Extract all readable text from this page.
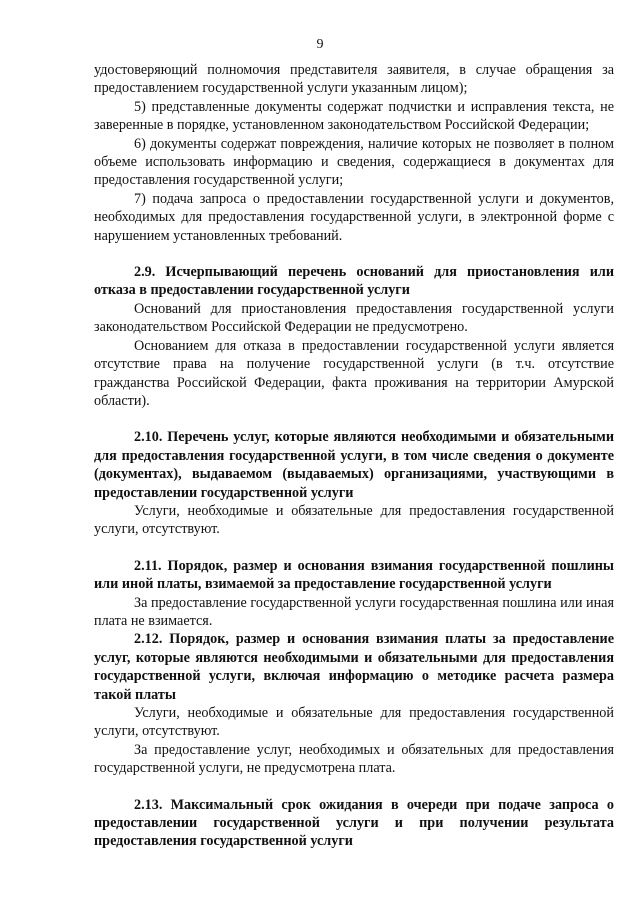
9

удостоверяющий полномочия представителя заявителя, в случае обращения за предоставлением государственной услуги указанным лицом);

5) представленные документы содержат подчистки и исправления текста, не заверенные в порядке, установленном законодательством Российской Федерации;

6) документы содержат повреждения, наличие которых не позволяет в полном объеме использовать информацию и сведения, содержащиеся в документах для предоставления государственной услуги;

7) подача запроса о предоставлении государственной услуги и документов, необходимых для предоставления государственной услуги, в электронной форме с нарушением установленных требований.

2.9. Исчерпывающий перечень оснований для приостановления или отказа в предоставлении государственной услуги

Оснований для приостановления предоставления государственной услуги законодательством Российской Федерации не предусмотрено.

Основанием для отказа в предоставлении государственной услуги является отсутствие права на получение государственной услуги (в т.ч. отсутствие гражданства Российской Федерации, факта проживания на территории Амурской области).

2.10. Перечень услуг, которые являются необходимыми и обязательными для предоставления государственной услуги, в том числе сведения о документе (документах), выдаваемом (выдаваемых) организациями, участвующими в предоставлении государственной услуги

Услуги, необходимые и обязательные для предоставления государственной услуги, отсутствуют.

2.11. Порядок, размер и основания взимания государственной пошлины или иной платы, взимаемой за предоставление государственной услуги

За предоставление государственной услуги государственная пошлина или иная плата не взимается.

2.12. Порядок, размер и основания взимания платы за предоставление услуг, которые являются необходимыми и обязательными для предоставления государственной услуги, включая информацию о методике расчета размера такой платы

Услуги, необходимые и обязательные для предоставления государственной услуги, отсутствуют.

За предоставление услуг, необходимых и обязательных для предоставления государственной услуги, не предусмотрена плата.

2.13. Максимальный срок ожидания в очереди при подаче запроса о предоставлении государственной услуги и при получении результата предоставления государственной услуги
